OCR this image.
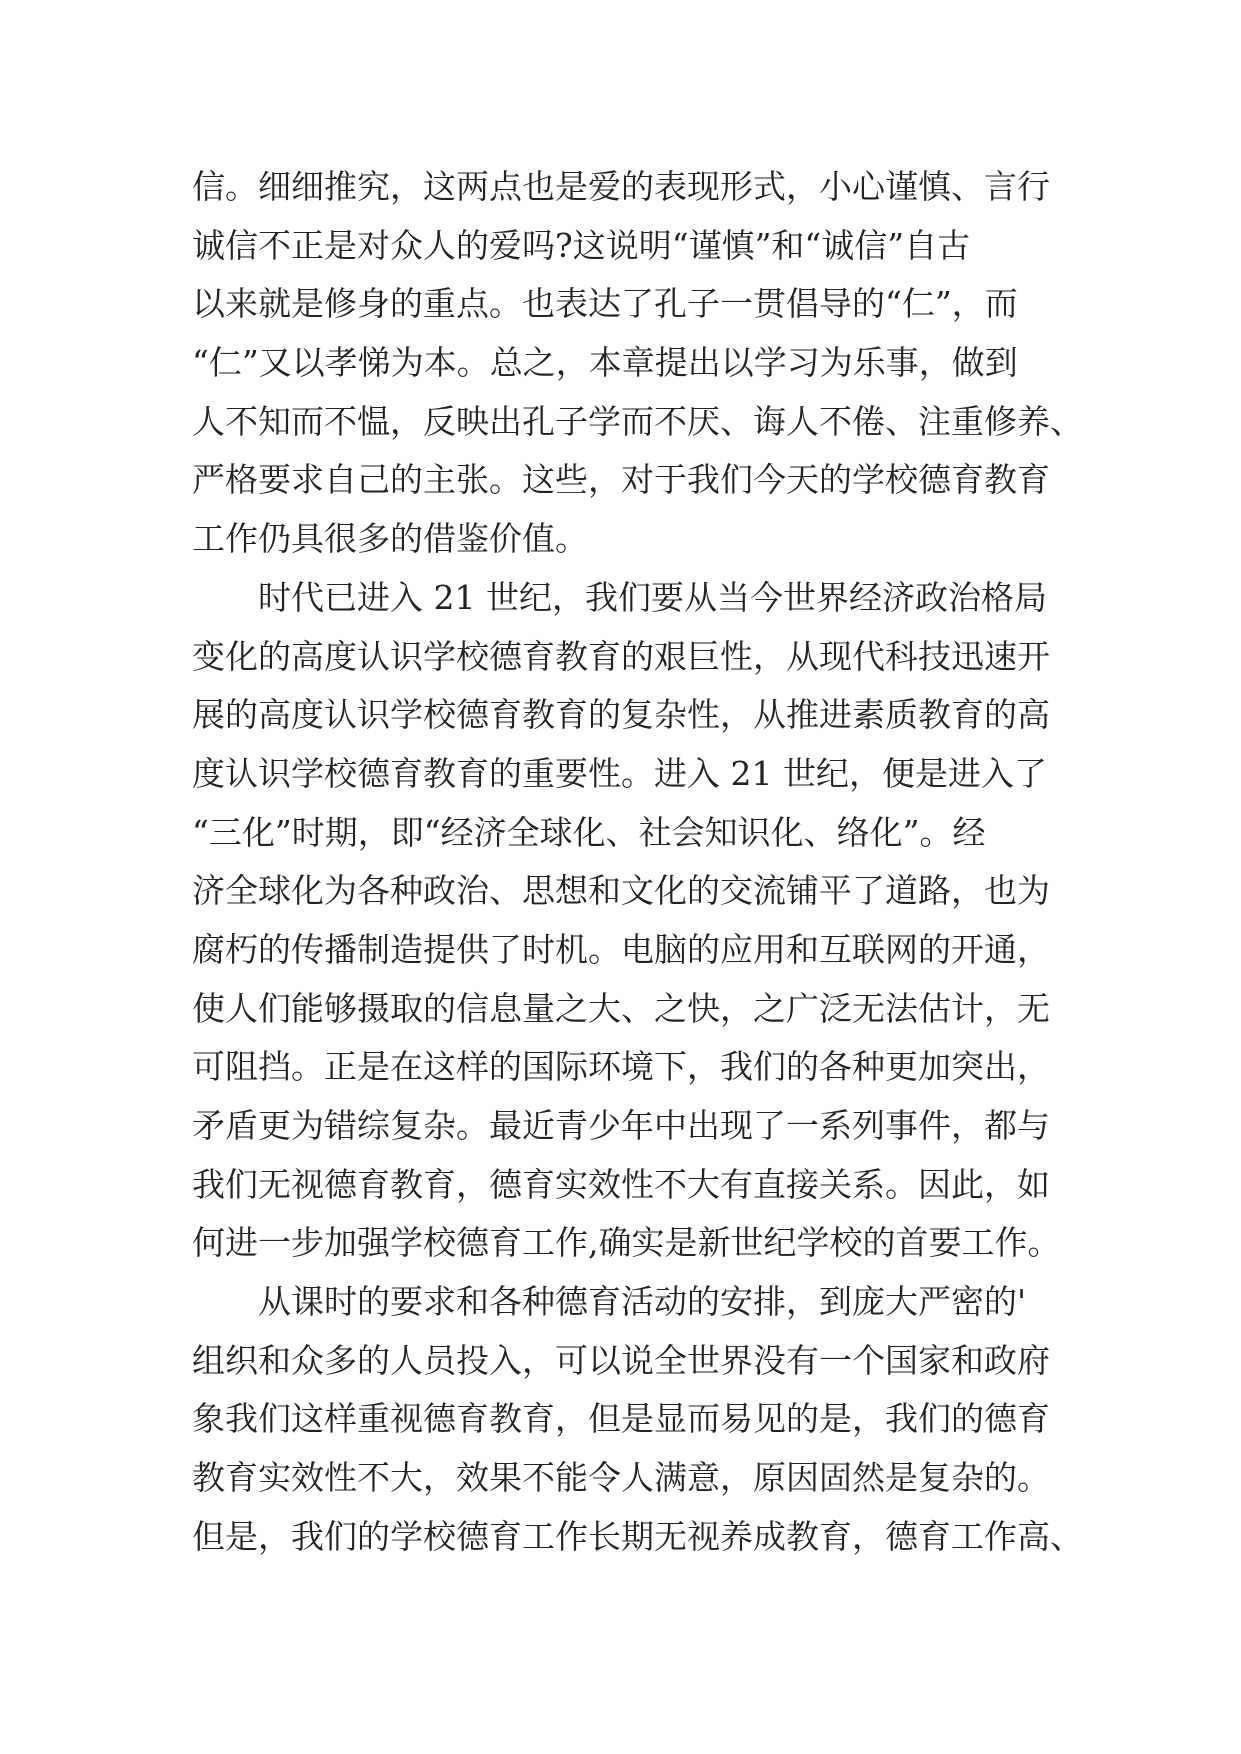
信。细细推究，这两点也是爱的表现形式，小心谨慎、言行
诚信不正是对众人的爱吗?这说明“谨慎”和“诚信”自古
以来就是修身的重点。也表达了孔子一贯倡导的“仁”，而
“仁”又以孝悌为本。总之，本章提出以学习为乐事，做到
人不知而不愠，反映出孔子学而不厌、诲人不倦、注重修养、
严格要求自己的主张。这些，对于我们今天的学校德育教育
工作仍具很多的借鉴价值。
时代已进入 21 世纪，我们要从当今世界经济政治格局
变化的高度认识学校德育教育的艰巨性，从现代科技迅速开
展的高度认识学校德育教育的复杂性，从推进素质教育的高
度认识学校德育教育的重要性。进入 21 世纪，便是进入了
“三化”时期，即“经济全球化、社会知识化、络化”。经
济全球化为各种政治、思想和文化的交流铺平了道路，也为
腐朽的传播制造提供了时机。电脑的应用和互联网的开通，
使人们能够摄取的信息量之大、之快，之广泛无法估计，无
可阻挡。正是在这样的国际环境下，我们的各种更加突出，
矛盾更为错综复杂。最近青少年中出现了一系列事件，都与
我们无视德育教育，德育实效性不大有直接关系。因此，如
何进一步加强学校德育工作,确实是新世纪学校的首要工作。
从课时的要求和各种德育活动的安排，到庞大严密的'
组织和众多的人员投入，可以说全世界没有一个国家和政府
象我们这样重视德育教育，但是显而易见的是，我们的德育
教育实效性不大，效果不能令人满意，原因固然是复杂的。
但是，我们的学校德育工作长期无视养成教育，德育工作高、
